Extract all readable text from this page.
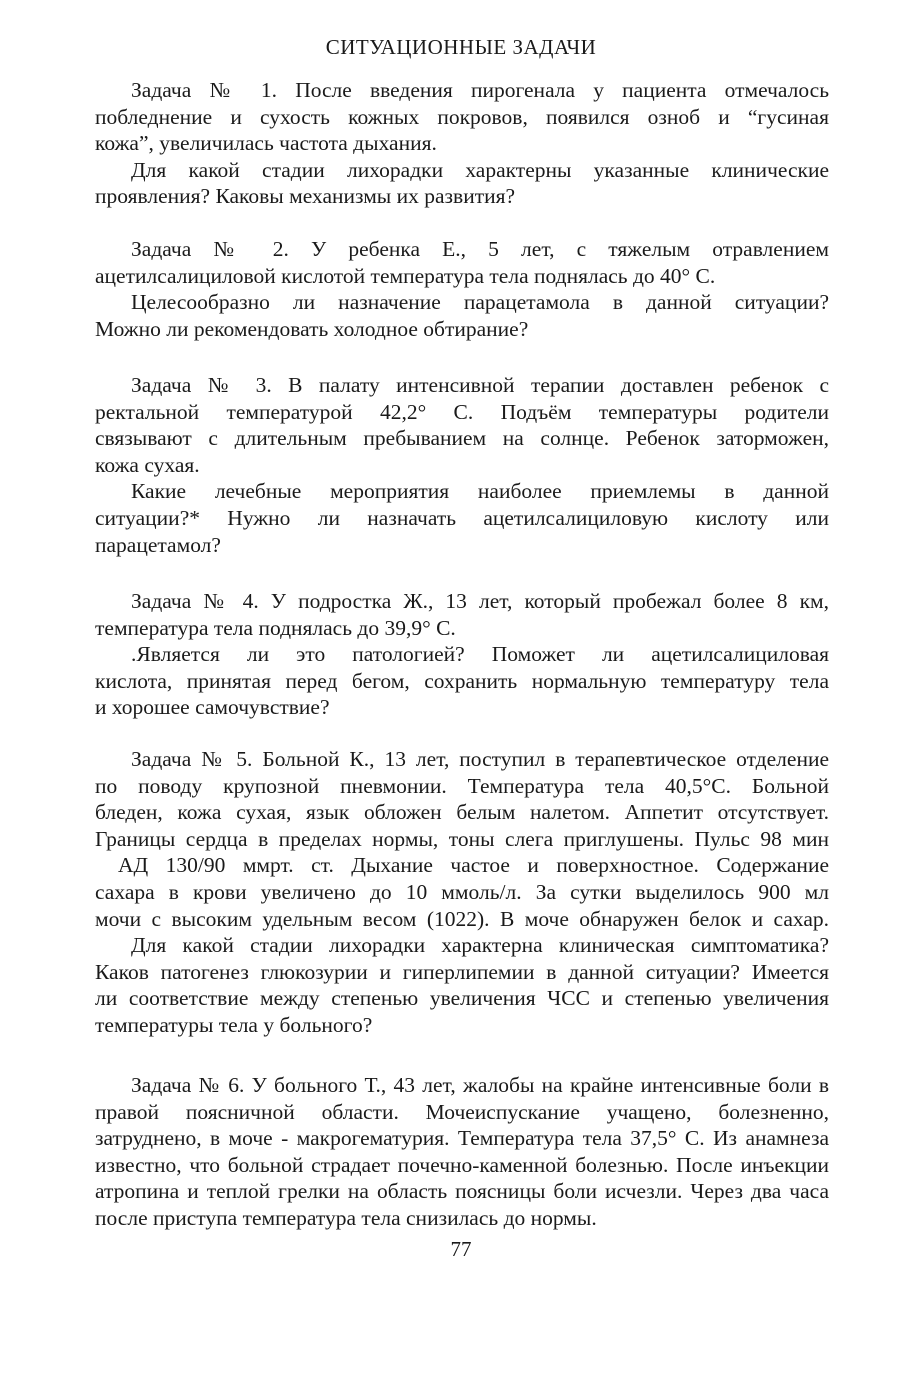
СИТУАЦИОННЫЕ ЗАДАЧИ
Задача № 1. После введения пирогенала у пациента отмечалось
побледнение и сухость кожных покровов, появился озноб и “гусиная
кожа”, увеличилась частота дыхания.
Для какой стадии лихорадки характерны указанные клинические
проявления? Каковы механизмы их развития?
Задача № 2. У ребенка Е., 5 лет, с тяжелым отравлением
ацетилсалициловой кислотой температура тела поднялась до 40° С.
Целесообразно ли назначение парацетамола в данной ситуации?
Можно ли рекомендовать холодное обтирание?
Задача № 3. В палату интенсивной терапии доставлен ребенок с
ректальной температурой 42,2° С. Подъём температуры родители
связывают с длительным пребыванием на солнце. Ребенок заторможен,
кожа сухая.
Какие лечебные мероприятия наиболее приемлемы в данной
ситуации?* Нужно ли назначать ацетилсалициловую кислоту или
парацетамол?
Задача № 4. У подростка Ж., 13 лет, который пробежал более 8 км,
температура тела поднялась до 39,9° С.
.Является ли это патологией? Поможет ли ацетилсалициловая
кислота, принятая перед бегом, сохранить нормальную температуру тела
и хорошее самочувствие?
Задача № 5. Больной К., 13 лет, поступил в терапевтическое отделение
по поводу крупозной пневмонии. Температура тела 40,5°С. Больной
бледен, кожа сухая, язык обложен белым налетом. Аппетит отсутствует.
Границы сердца в пределах нормы, тоны слега приглушены. Пульс 98 мин
АД 130/90 ммрт. ст. Дыхание частое и поверхностное. Содержание
сахара в крови увеличено до 10 ммоль/л. За сутки выделилось 900 мл
мочи с высоким удельным весом (1022). В моче обнаружен белок и сахар.
Для какой стадии лихорадки характерна клиническая симптоматика?
Каков патогенез глюкозурии и гиперлипемии в данной ситуации? Имеется
ли соответствие между степенью увеличения ЧСС и степенью увеличения
температуры тела у больного?
Задача № 6. У больного Т., 43 лет, жалобы на крайне интенсивные боли в
правой поясничной области. Мочеиспускание учащено, болезненно,
затруднено, в моче - макрогематурия. Температура тела 37,5° С. Из анамнеза
известно, что больной страдает почечно-каменной болезнью. После инъекции
атропина и теплой грелки на область поясницы боли исчезли. Через два часа
после приступа температура тела снизилась до нормы.
77
